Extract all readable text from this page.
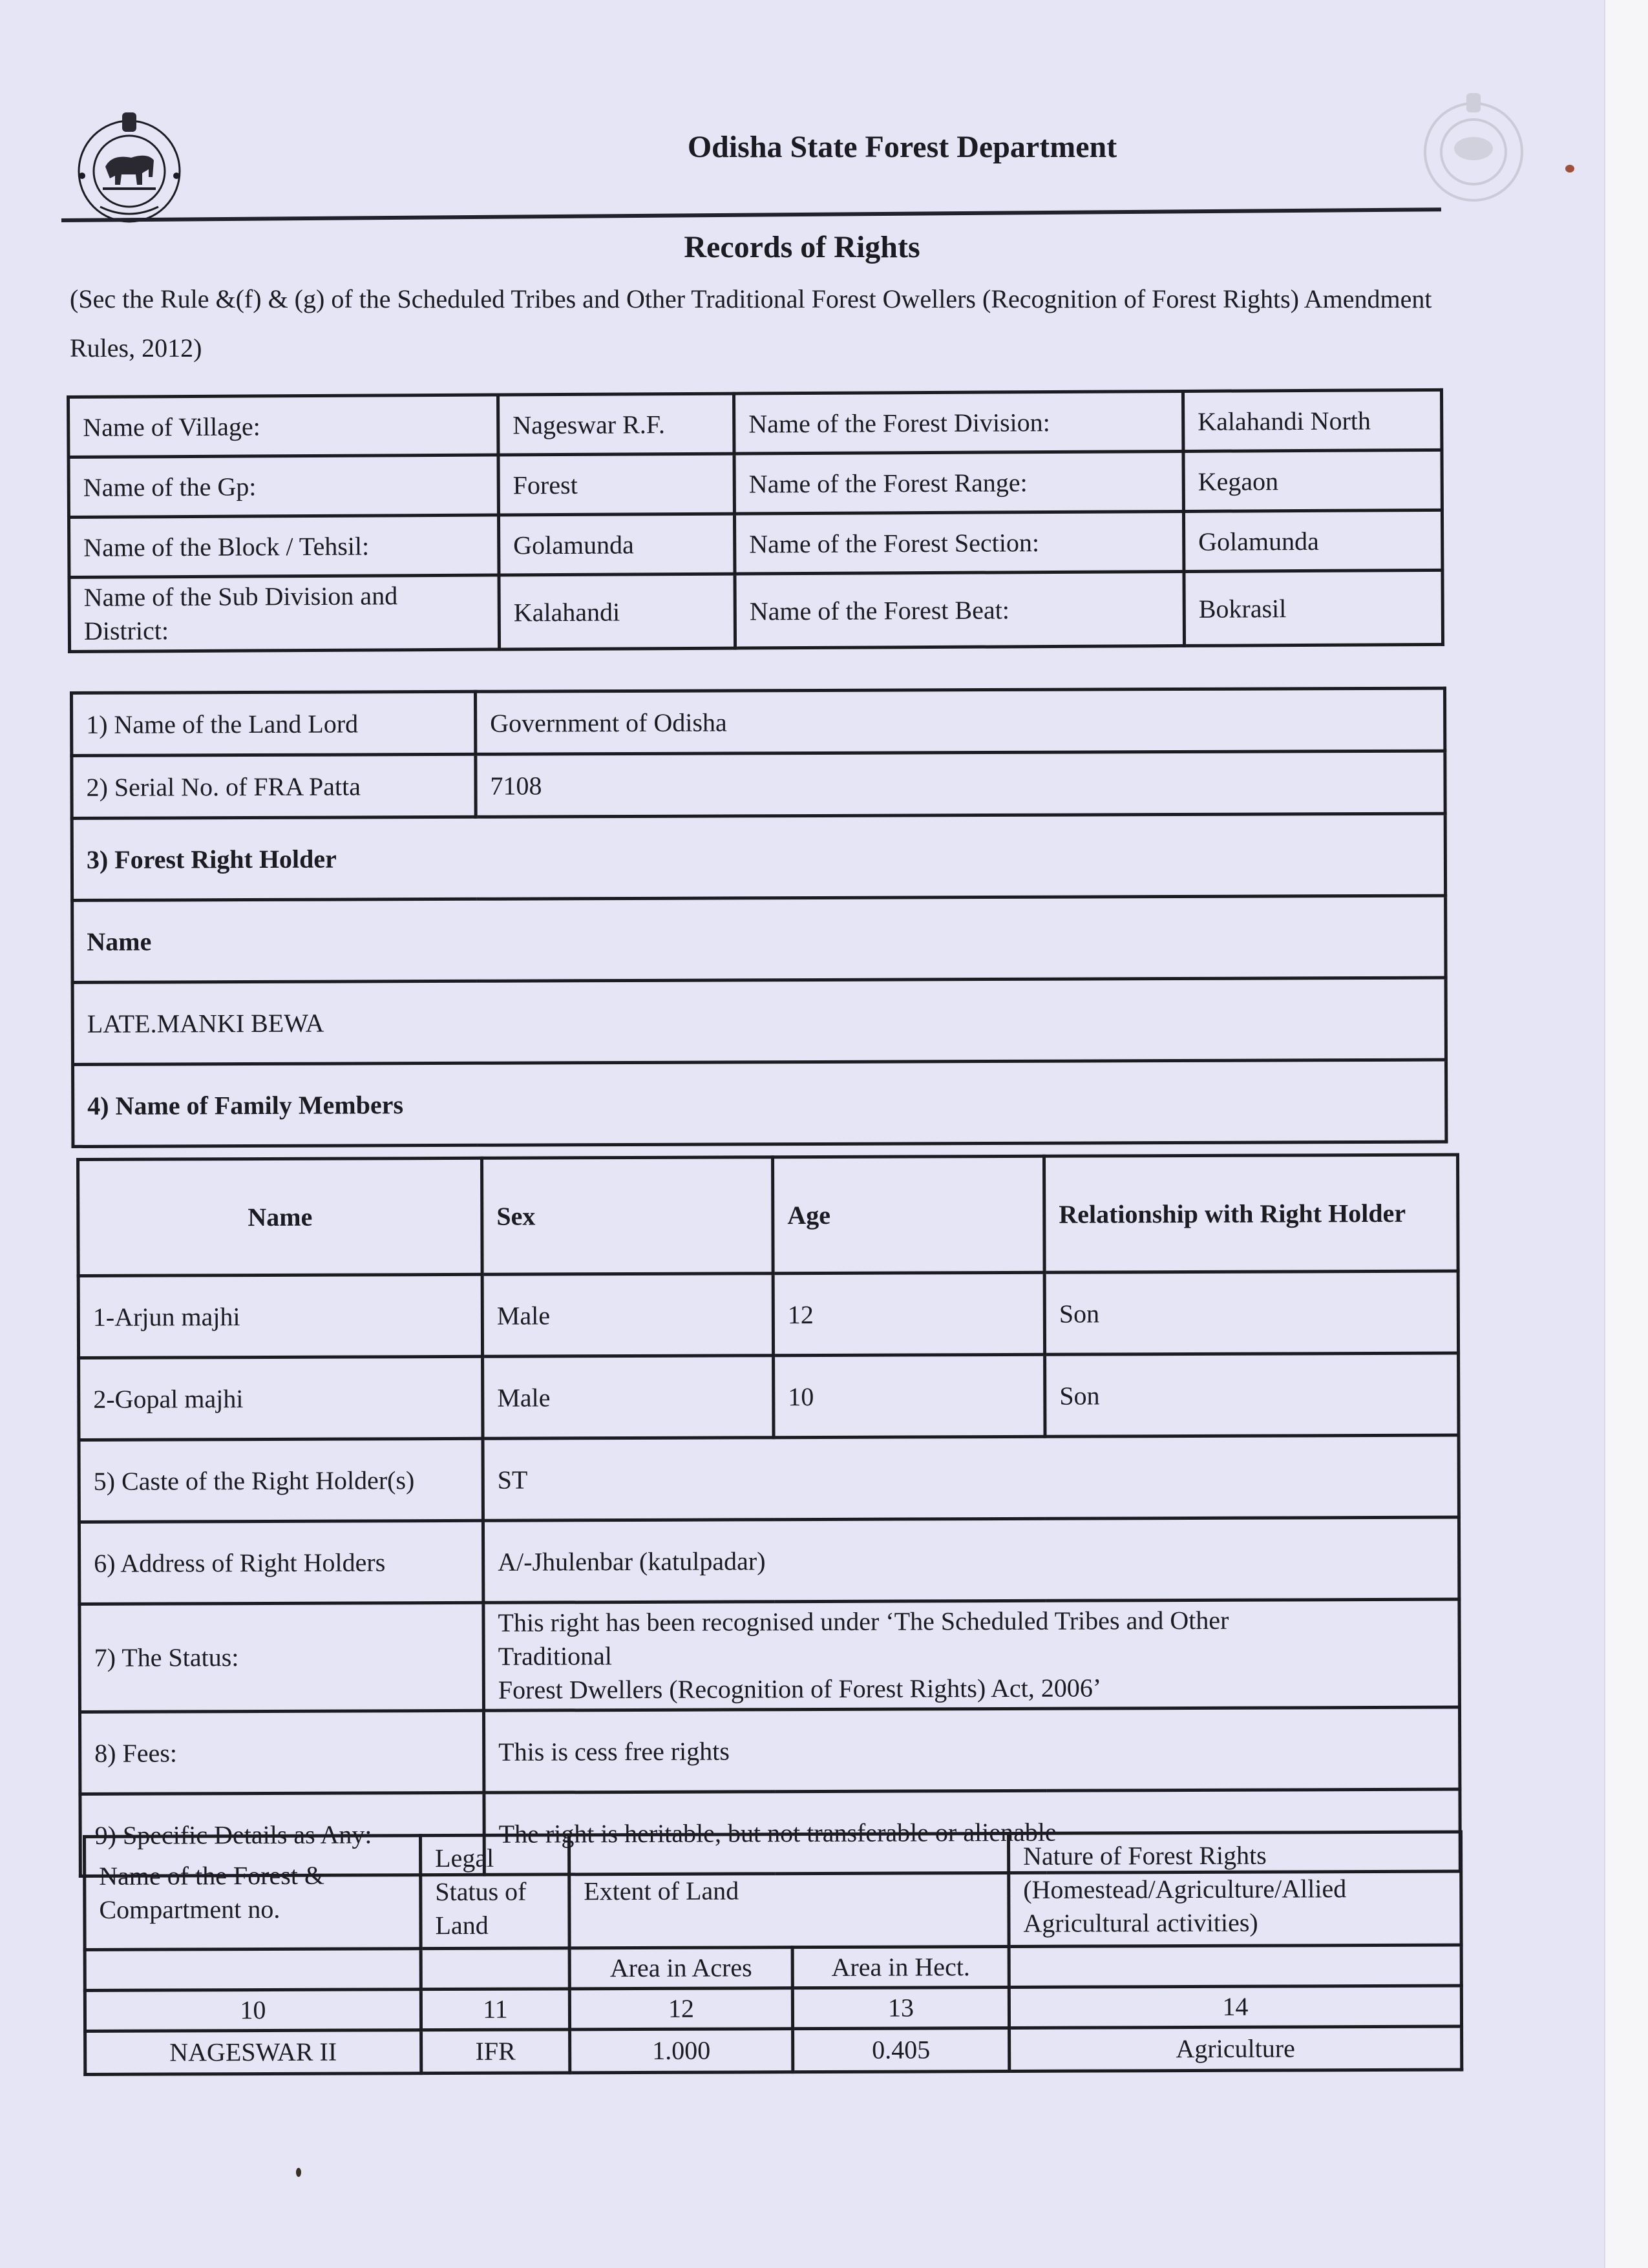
Odisha State Forest Department
Records of Rights
(Sec the Rule &(f) & (g) of the Scheduled Tribes and Other Traditional Forest Owellers (Recognition of Forest Rights) Amendment Rules, 2012)
Name of Village:	Nageswar R.F.	Name of the Forest Division:	Kalahandi North
Name of the Gp:	Forest	Name of the Forest Range:	Kegaon
Name of the Block / Tehsil:	Golamunda	Name of the Forest Section:	Golamunda
Name of the Sub Division and District:	Kalahandi	Name of the Forest Beat:	Bokrasil
1) Name of the Land Lord	Government of Odisha
2) Serial No. of FRA Patta	7108
3) Forest Right Holder	
Name	
LATE.MANKI BEWA	
4) Name of Family Members	
Name	Sex	Age	Relationship with Right Holder
1-Arjun majhi	Male	12	Son
2-Gopal majhi	Male	10	Son
5) Caste of the Right Holder(s)	ST		
6) Address of Right Holders	A/-Jhulenbar (katulpadar)		
7) The Status:	This right has been recognised under ‘The Scheduled Tribes and Other
Traditional
Forest Dwellers (Recognition of Forest Rights) Act, 2006’		

8) Fees:	This is cess free rights		
9) Specific Details as Any:	The right is heritable, but not transferable or alienable		
Name of the Forest & Compartment no.	Legal Status of Land	Extent of Land		Nature of Forest Rights (Homestead/Agriculture/Allied Agricultural activities)
		Area in Acres	Area in Hect.	
10	11	12	13	14
NAGESWAR II	IFR	1.000	0.405	Agriculture
